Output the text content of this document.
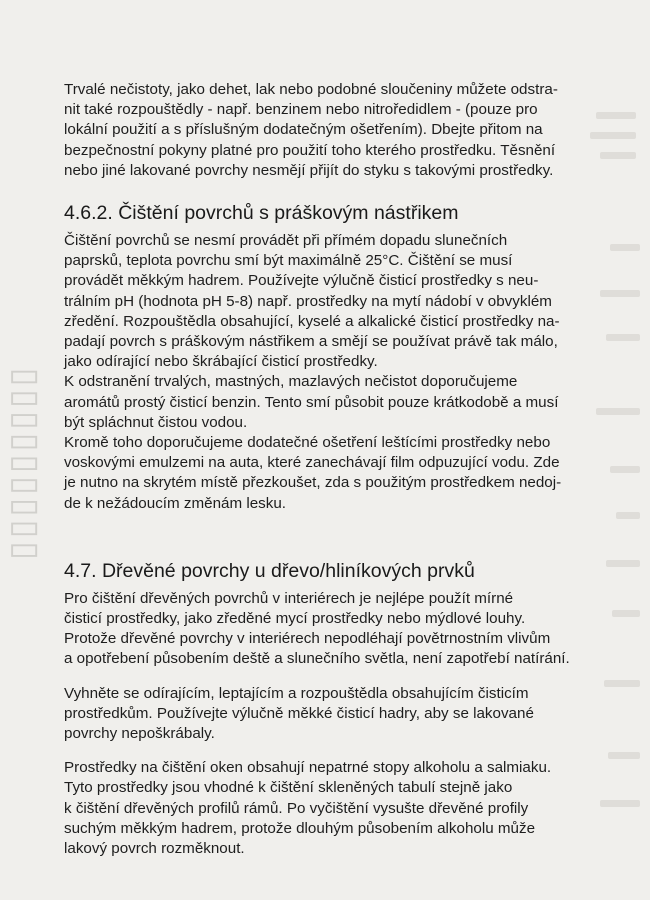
▯▯▯▯▯▯▯▯▯

Trvalé nečistoty, jako dehet, lak nebo podobné sloučeniny můžete odstra-
nit také rozpouštědly - např. benzinem nebo nitroředidlem - (pouze pro
lokální použití a s příslušným dodatečným ošetřením). Dbejte přitom na
bezpečnostní pokyny platné pro použití toho kterého prostředku. Těsnění
nebo jiné lakované povrchy nesmějí přijít do styku s takovými prostředky.

4.6.2. Čištění povrchů s práškovým nástřikem

Čištění povrchů se nesmí provádět při přímém dopadu slunečních
paprsků, teplota povrchu smí být maximálně 25°C. Čištění se musí
provádět měkkým hadrem. Používejte výlučně čisticí prostředky s neu-
trálním pH (hodnota pH 5-8) např. prostředky na mytí nádobí v obvyklém
zředění. Rozpouštědla obsahující, kyselé a alkalické čisticí prostředky na-
padají povrch s práškovým nástřikem a smějí se používat právě tak málo,
jako odírající nebo škrábající čisticí prostředky.

K odstranění trvalých, mastných, mazlavých nečistot doporučujeme
aromátů prostý čisticí benzin. Tento smí působit pouze krátkodobě a musí
být spláchnut čistou vodou.

Kromě toho doporučujeme dodatečné ošetření leštícími prostředky nebo
voskovými emulzemi na auta, které zanechávají film odpuzující vodu. Zde
je nutno na skrytém místě přezkoušet, zda s použitým prostředkem nedoj-
de k nežádoucím změnám lesku.

4.7. Dřevěné povrchy u dřevo/hliníkových prvků

Pro čištění dřevěných povrchů v interiérech je nejlépe použít mírné
čisticí prostředky, jako zředěné mycí prostředky nebo mýdlové louhy.
Protože dřevěné povrchy v interiérech nepodléhají povětrnostním vlivům
a opotřebení působením deště a slunečního světla, není zapotřebí natírání.

Vyhněte se odírajícím, leptajícím a rozpouštědla obsahujícím čisticím
prostředkům. Používejte výlučně měkké čisticí hadry, aby se lakované
povrchy nepoškrábaly.

Prostředky na čištění oken obsahují nepatrné stopy alkoholu a salmiaku.
Tyto prostředky jsou vhodné k čištění skleněných tabulí stejně jako
k čištění dřevěných profilů rámů. Po vyčištění vysušte dřevěné profily
suchým měkkým hadrem, protože dlouhým působením alkoholu může
lakový povrch rozměknout.
